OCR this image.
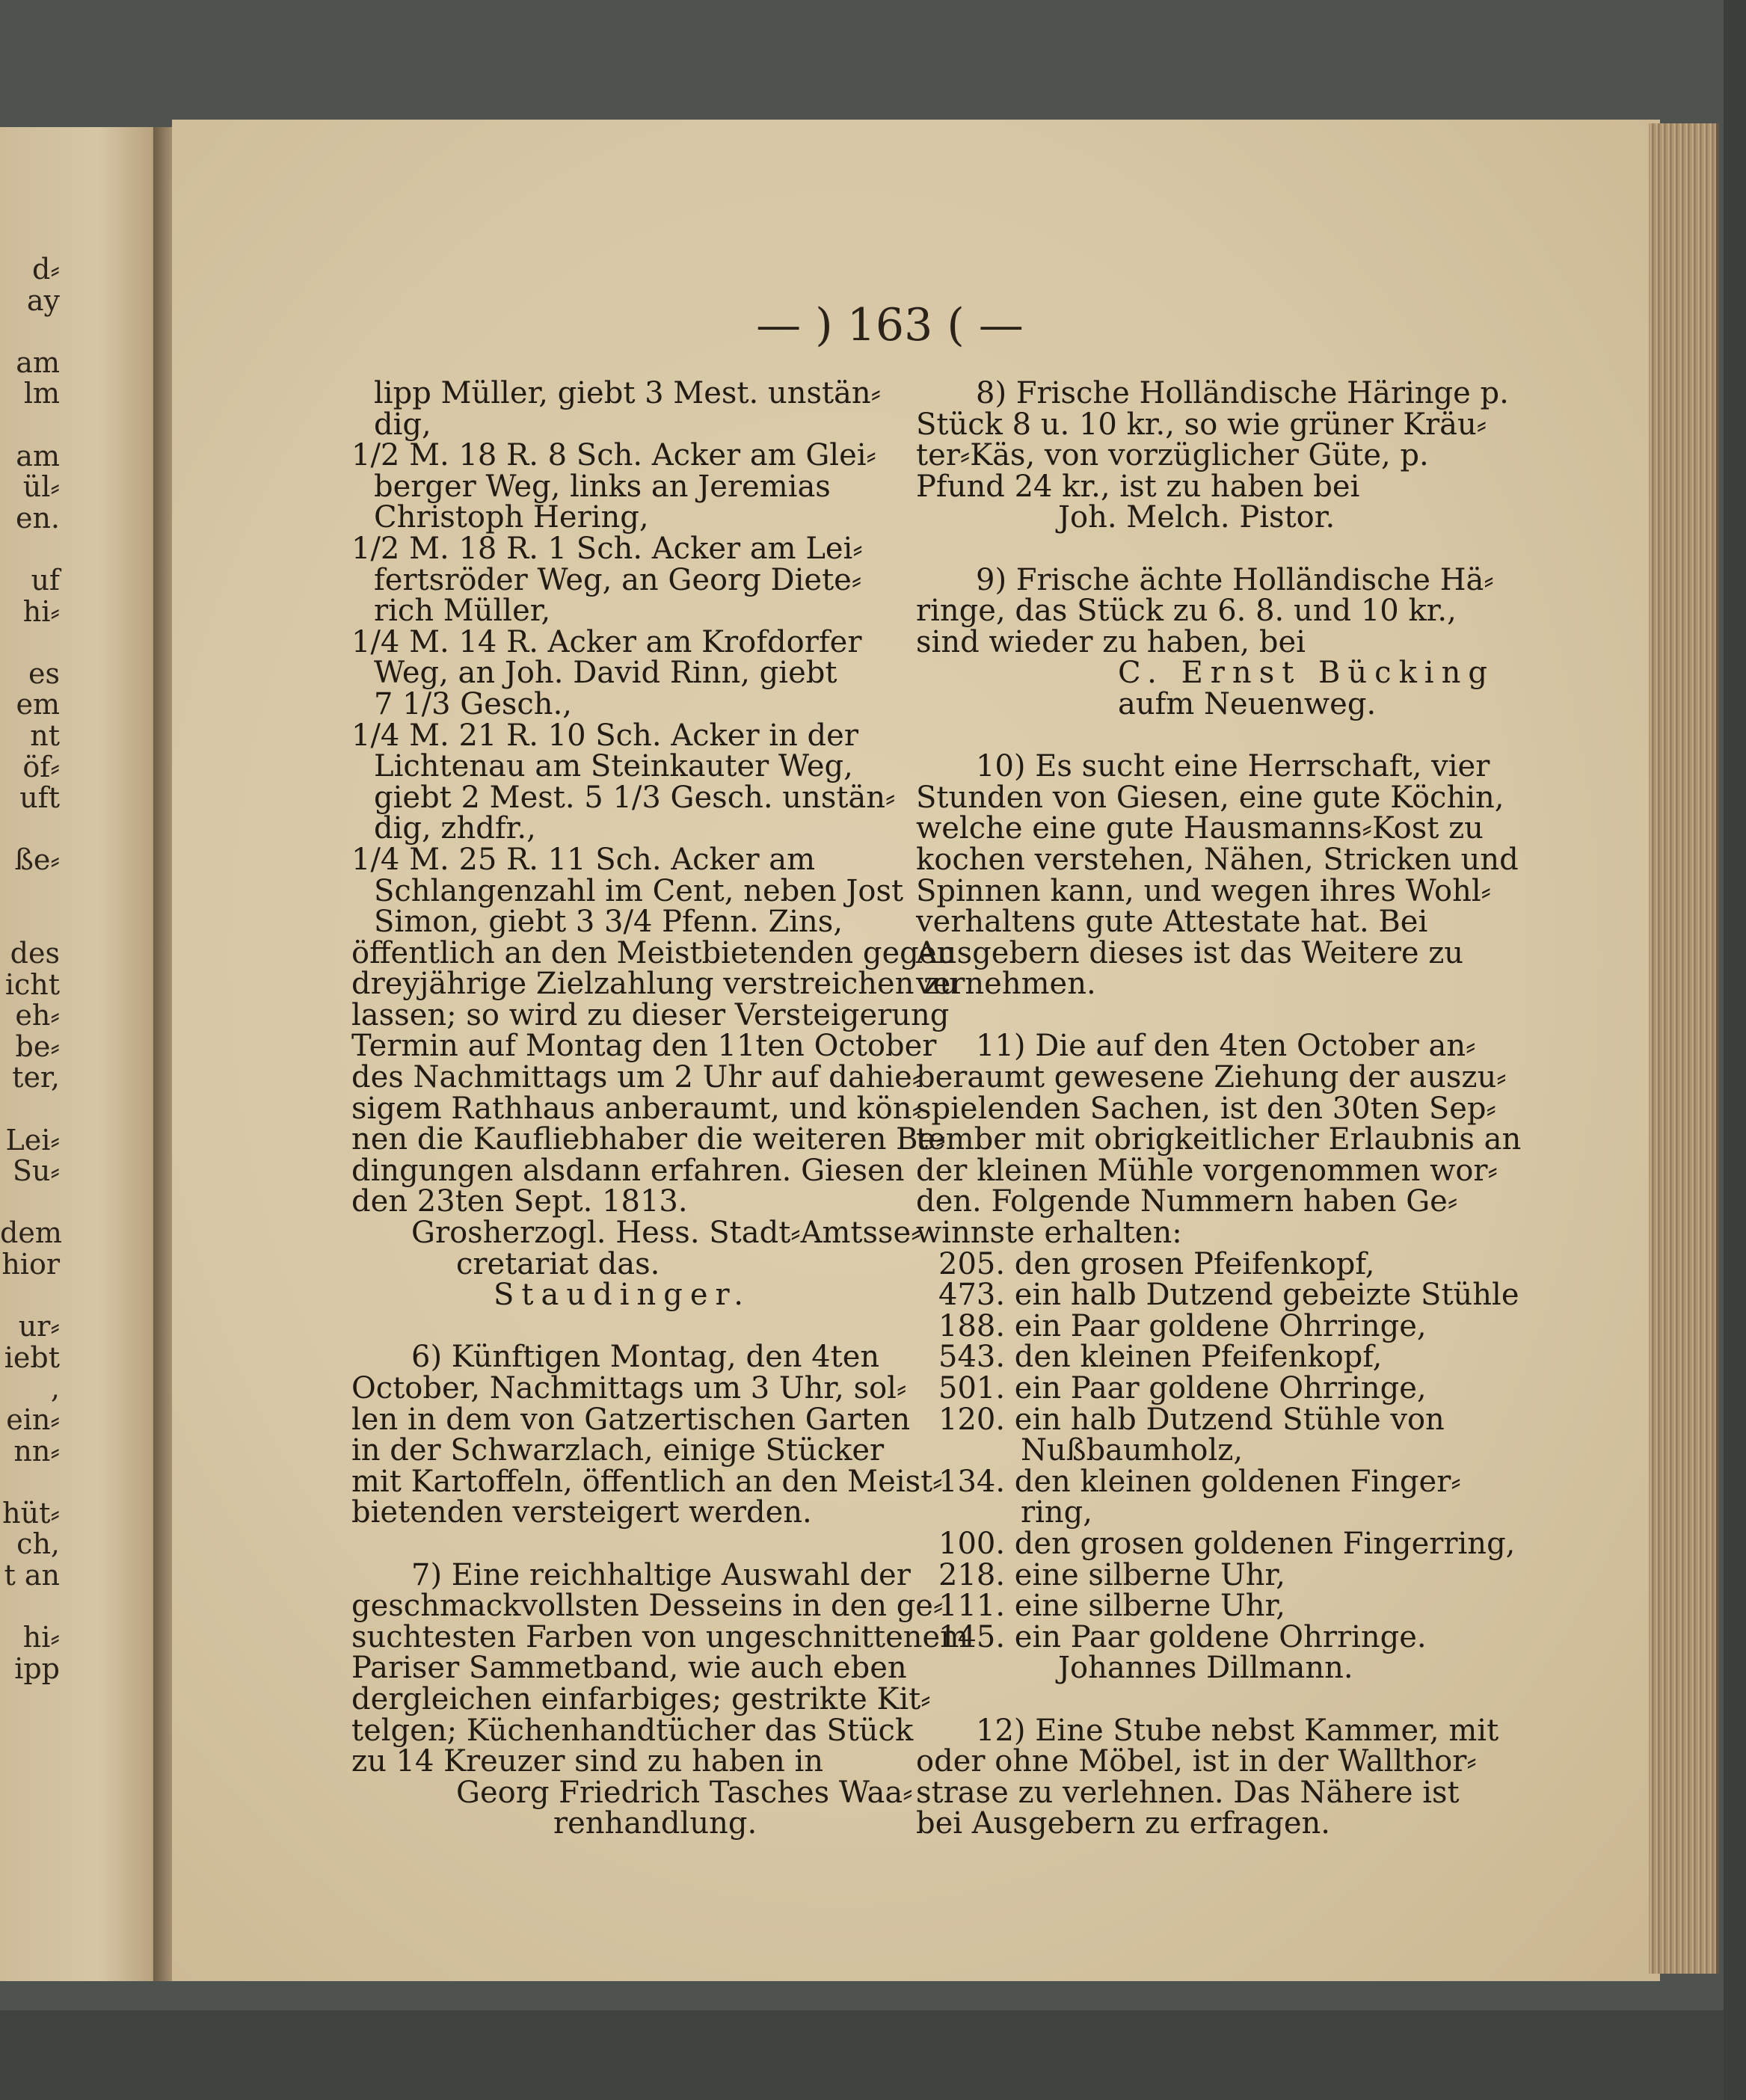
d⸗
ay
am
lm
am
ül⸗
en.
uf
hi⸗
es
em
nt
öf⸗
uft
ße⸗
des
icht
eh⸗
be⸗
ter,
Lei⸗
Su⸗
dem
hior
ur⸗
iebt
,
ein⸗
nn⸗
hüt⸗
ch,
t an
hi⸗
ipp
— ) 163 ( —
lipp Müller, giebt 3 Mest. unstän⸗
dig,
1/2 M. 18 R. 8 Sch. Acker am Glei⸗
berger Weg, links an Jeremias
Christoph Hering,
1/2 M. 18 R. 1 Sch. Acker am Lei⸗
fertsröder Weg, an Georg Diete⸗
rich Müller,
1/4 M. 14 R. Acker am Krofdorfer
Weg, an Joh. David Rinn, giebt
7 1/3 Gesch.,
1/4 M. 21 R. 10 Sch. Acker in der
Lichtenau am Steinkauter Weg,
giebt 2 Mest. 5 1/3 Gesch. unstän⸗
dig, zhdfr.,
1/4 M. 25 R. 11 Sch. Acker am
Schlangenzahl im Cent, neben Jost
Simon, giebt 3 3/4 Pfenn. Zins,
öffentlich an den Meistbietenden gegen
dreyjährige Zielzahlung verstreichen zu
lassen; so wird zu dieser Versteigerung
Termin auf Montag den 11ten October
des Nachmittags um 2 Uhr auf dahie⸗
sigem Rathhaus anberaumt, und kön⸗
nen die Kaufliebhaber die weiteren Be⸗
dingungen alsdann erfahren. Giesen
den 23ten Sept. 1813.
Grosherzogl. Hess. Stadt⸗Amtsse⸗
cretariat das.
Staudinger.
6) Künftigen Montag, den 4ten
October, Nachmittags um 3 Uhr, sol⸗
len in dem von Gatzertischen Garten
in der Schwarzlach, einige Stücker
mit Kartoffeln, öffentlich an den Meist⸗
bietenden versteigert werden.
7) Eine reichhaltige Auswahl der
geschmackvollsten Desseins in den ge⸗
suchtesten Farben von ungeschnittenem
Pariser Sammetband, wie auch eben
dergleichen einfarbiges; gestrikte Kit⸗
telgen; Küchenhandtücher das Stück
zu 14 Kreuzer sind zu haben in
Georg Friedrich Tasches Waa⸗
renhandlung.
8) Frische Holländische Häringe p.
Stück 8 u. 10 kr., so wie grüner Kräu⸗
ter⸗Käs, von vorzüglicher Güte, p.
Pfund 24 kr., ist zu haben bei
Joh. Melch. Pistor.
9) Frische ächte Holländische Hä⸗
ringe, das Stück zu 6. 8. und 10 kr.,
sind wieder zu haben, bei
C. Ernst Bücking
aufm Neuenweg.
10) Es sucht eine Herrschaft, vier
Stunden von Giesen, eine gute Köchin,
welche eine gute Hausmanns⸗Kost zu
kochen verstehen, Nähen, Stricken und
Spinnen kann, und wegen ihres Wohl⸗
verhaltens gute Attestate hat. Bei
Ausgebern dieses ist das Weitere zu
vernehmen.
11) Die auf den 4ten October an⸗
beraumt gewesene Ziehung der auszu⸗
spielenden Sachen, ist den 30ten Sep⸗
tember mit obrigkeitlicher Erlaubnis an
der kleinen Mühle vorgenommen wor⸗
den. Folgende Nummern haben Ge⸗
winnste erhalten:
205. den grosen Pfeifenkopf,
473. ein halb Dutzend gebeizte Stühle
188. ein Paar goldene Ohrringe,
543. den kleinen Pfeifenkopf,
501. ein Paar goldene Ohrringe,
120. ein halb Dutzend Stühle von
Nußbaumholz,
134. den kleinen goldenen Finger⸗
ring,
100. den grosen goldenen Fingerring,
218. eine silberne Uhr,
111. eine silberne Uhr,
145. ein Paar goldene Ohrringe.
Johannes Dillmann.
12) Eine Stube nebst Kammer, mit
oder ohne Möbel, ist in der Wallthor⸗
strase zu verlehnen. Das Nähere ist
bei Ausgebern zu erfragen.
